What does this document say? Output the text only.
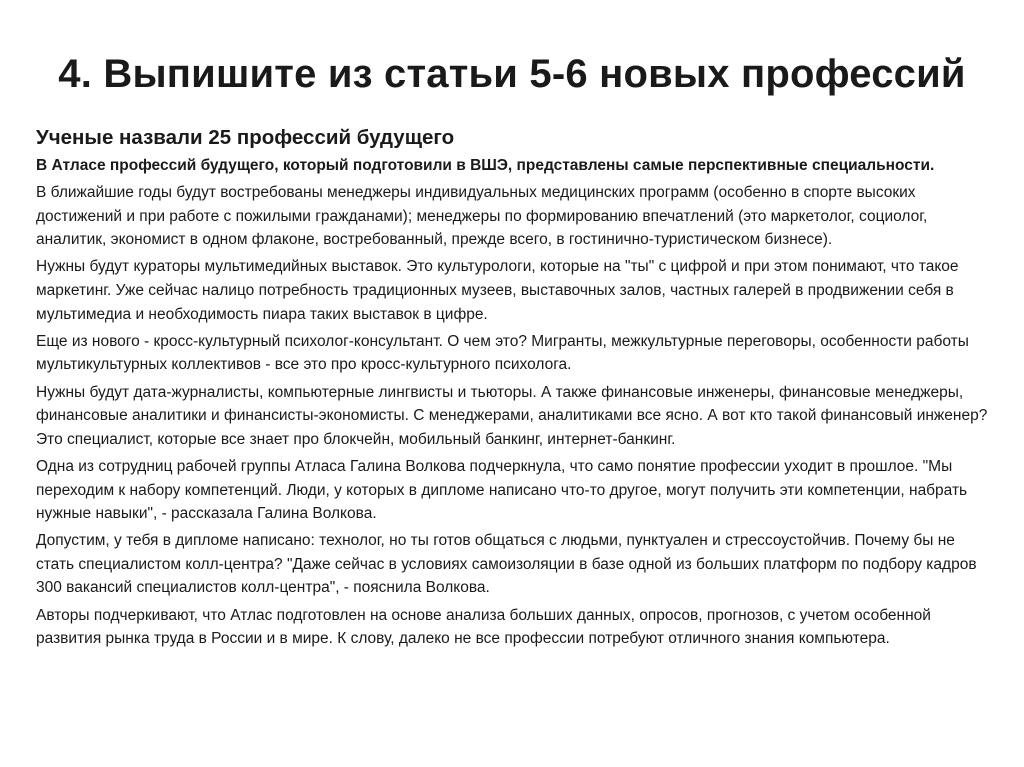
4. Выпишите из статьи 5-6 новых профессий
Ученые назвали 25 профессий будущего
В Атласе профессий будущего, который подготовили в ВШЭ, представлены самые перспективные специальности.
В ближайшие годы будут востребованы менеджеры индивидуальных медицинских программ (особенно в спорте высоких достижений и при работе с пожилыми гражданами); менеджеры по формированию впечатлений (это маркетолог, социолог, аналитик, экономист в одном флаконе, востребованный, прежде всего, в гостинично-туристическом бизнесе).
Нужны будут кураторы мультимедийных выставок. Это культурологи, которые на "ты" с цифрой и при этом понимают, что такое маркетинг. Уже сейчас налицо потребность традиционных музеев, выставочных залов, частных галерей в продвижении себя в мультимедиа и необходимость пиара таких выставок в цифре.
Еще из нового - кросс-культурный психолог-консультант. О чем это? Мигранты, межкультурные переговоры, особенности работы мультикультурных коллективов - все это про кросс-культурного психолога.
Нужны будут дата-журналисты, компьютерные лингвисты и тьюторы. А также финансовые инженеры, финансовые менеджеры, финансовые аналитики и финансисты-экономисты. С менеджерами, аналитиками все ясно. А вот кто такой финансовый инженер? Это специалист, которые все знает про блокчейн, мобильный банкинг, интернет-банкинг.
Одна из сотрудниц рабочей группы Атласа Галина Волкова подчеркнула, что само понятие профессии уходит в прошлое. "Мы переходим к набору компетенций. Люди, у которых в дипломе написано что-то другое, могут получить эти компетенции, набрать нужные навыки", - рассказала Галина Волкова.
Допустим, у тебя в дипломе написано: технолог, но ты готов общаться с людьми, пунктуален и стрессоустойчив. Почему бы не стать специалистом колл-центра? "Даже сейчас в условиях самоизоляции в базе одной из больших платформ по подбору кадров 300 вакансий специалистов колл-центра", - пояснила Волкова.
Авторы подчеркивают, что Атлас подготовлен на основе анализа больших данных, опросов, прогнозов, с учетом особенной развития рынка труда в России и в мире. К слову, далеко не все профессии потребуют отличного знания компьютера.
